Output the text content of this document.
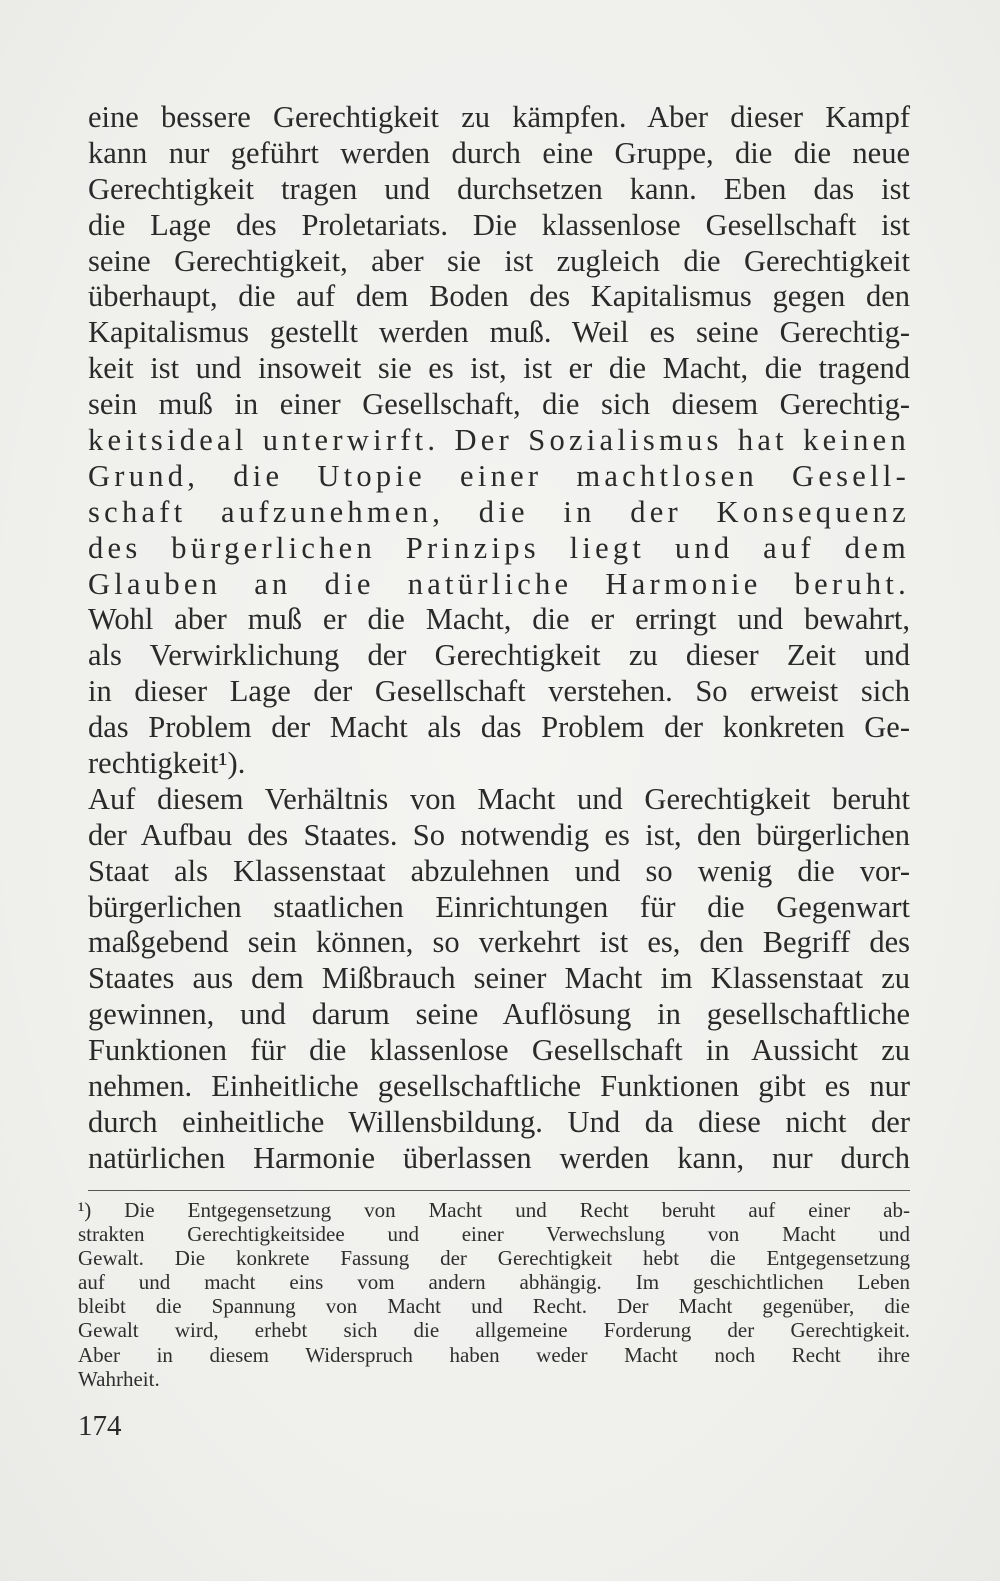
eine bessere Gerechtigkeit zu kämpfen. Aber dieser Kampf
kann nur geführt werden durch eine Gruppe, die die neue
Gerechtigkeit tragen und durchsetzen kann. Eben das ist
die Lage des Proletariats. Die klassenlose Gesellschaft ist
seine Gerechtigkeit, aber sie ist zugleich die Gerechtigkeit
überhaupt, die auf dem Boden des Kapitalismus gegen den
Kapitalismus gestellt werden muß. Weil es seine Gerechtig-
keit ist und insoweit sie es ist, ist er die Macht, die tragend
sein muß in einer Gesellschaft, die sich diesem Gerechtig-
keitsideal unterwirft. Der Sozialismus hat keinen
Grund, die Utopie einer machtlosen Gesell-
schaft aufzunehmen, die in der Konsequenz
des bürgerlichen Prinzips liegt und auf dem
Glauben an die natürliche Harmonie beruht.
Wohl aber muß er die Macht, die er erringt und bewahrt,
als Verwirklichung der Gerechtigkeit zu dieser Zeit und
in dieser Lage der Gesellschaft verstehen. So erweist sich
das Problem der Macht als das Problem der konkreten Ge-
rechtigkeit¹).
Auf diesem Verhältnis von Macht und Gerechtigkeit beruht
der Aufbau des Staates. So notwendig es ist, den bürgerlichen
Staat als Klassenstaat abzulehnen und so wenig die vor-
bürgerlichen staatlichen Einrichtungen für die Gegenwart
maßgebend sein können, so verkehrt ist es, den Begriff des
Staates aus dem Mißbrauch seiner Macht im Klassenstaat zu
gewinnen, und darum seine Auflösung in gesellschaftliche
Funktionen für die klassenlose Gesellschaft in Aussicht zu
nehmen. Einheitliche gesellschaftliche Funktionen gibt es nur
durch einheitliche Willensbildung. Und da diese nicht der
natürlichen Harmonie überlassen werden kann, nur durch
¹) Die Entgegensetzung von Macht und Recht beruht auf einer ab-
strakten Gerechtigkeitsidee und einer Verwechslung von Macht und
Gewalt. Die konkrete Fassung der Gerechtigkeit hebt die Entgegensetzung
auf und macht eins vom andern abhängig. Im geschichtlichen Leben
bleibt die Spannung von Macht und Recht. Der Macht gegenüber, die
Gewalt wird, erhebt sich die allgemeine Forderung der Gerechtigkeit.
Aber in diesem Widerspruch haben weder Macht noch Recht ihre
Wahrheit.
174
